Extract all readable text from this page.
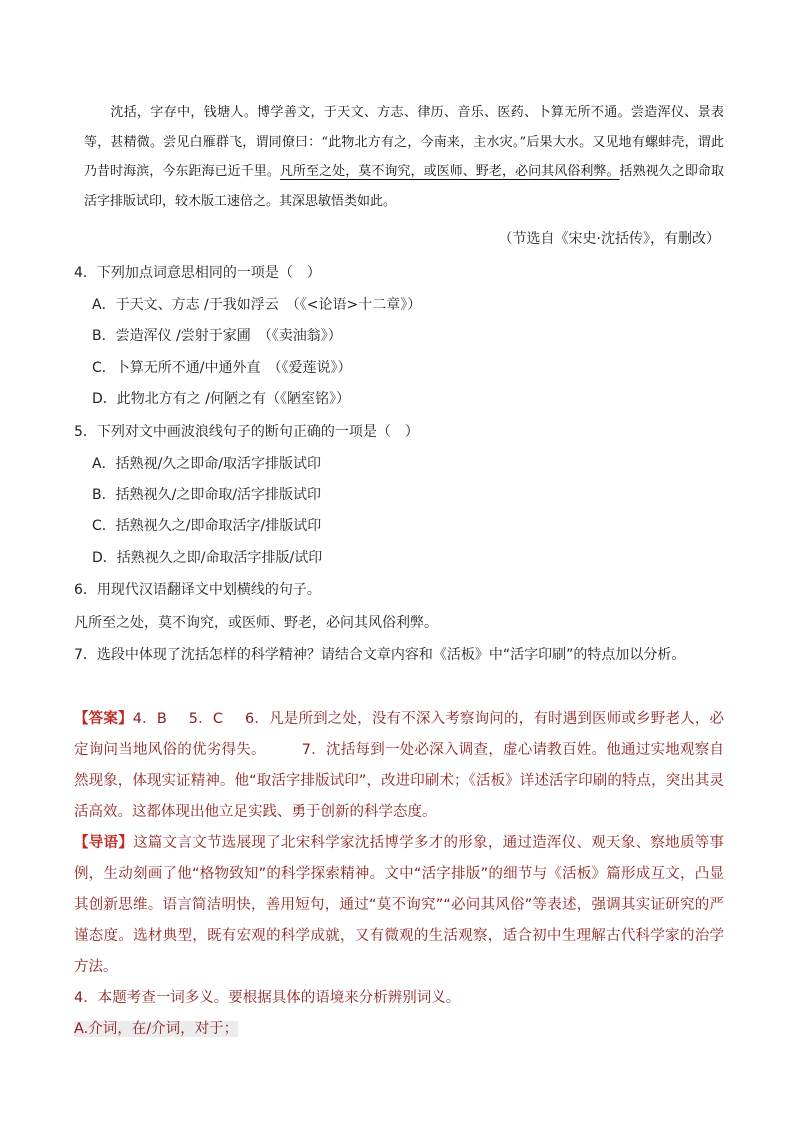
沈括，字存中，钱塘人。博学善文，于天文、方志、律历、音乐、医药、卜算无所不通。尝造浑仪、景表等，甚精微。尝见白雁群飞，谓同僚曰：“此物北方有之，今南来，主水灾。”后果大水。又见地有螺蚌壳，谓此乃昔时海滨，今东距海已近千里。凡所至之处，莫不询究，或医师、野老，必问其风俗利弊。括熟视久之即命取活字排版试印，较木版工速倍之。其深思敏悟类如此。
（节选自《宋史·沈括传》，有删改）
4．下列加点词意思相同的一项是（　）
A．于天文、方志 /于我如浮云　（《<论语>十二章》）
B．尝造浑仪 /尝射于家圃　（《卖油翁》）
C．卜算无所不通/中通外直　（《爱莲说》）
D．此物北方有之 /何陋之有（《陋室铭》）
5．下列对文中画波浪线句子的断句正确的一项是（　）
A．括熟视/久之即命/取活字排版试印
B．括熟视久/之即命取/活字排版试印
C．括熟视久之/即命取活字/排版试印
D．括熟视久之即/命取活字排版/试印
6．用现代汉语翻译文中划横线的句子。
凡所至之处，莫不询究，或医师、野老，必问其风俗利弊。
7．选段中体现了沈括怎样的科学精神？请结合文章内容和《活板》中“活字印刷”的特点加以分析。
【答案】4．B 5．C 6．凡是所到之处，没有不深入考察询问的，有时遇到医师或乡野老人，必定询问当地风俗的优劣得失。 7．沈括每到一处必深入调查，虚心请教百姓。他通过实地观察自然现象，体现实证精神。他“取活字排版试印”，改进印刷术；《活板》详述活字印刷的特点，突出其灵活高效。这都体现出他立足实践、勇于创新的科学态度。
【导语】这篇文言文节选展现了北宋科学家沈括博学多才的形象，通过造浑仪、观天象、察地质等事例，生动刻画了他“格物致知”的科学探索精神。文中“活字排版”的细节与《活板》篇形成互文，凸显其创新思维。语言简洁明快，善用短句，通过“莫不询究”“必问其风俗”等表述，强调其实证研究的严谨态度。选材典型，既有宏观的科学成就，又有微观的生活观察，适合初中生理解古代科学家的治学方法。
4．本题考查一词多义。要根据具体的语境来分析辨别词义。
A.介词，在/介词，对于；
